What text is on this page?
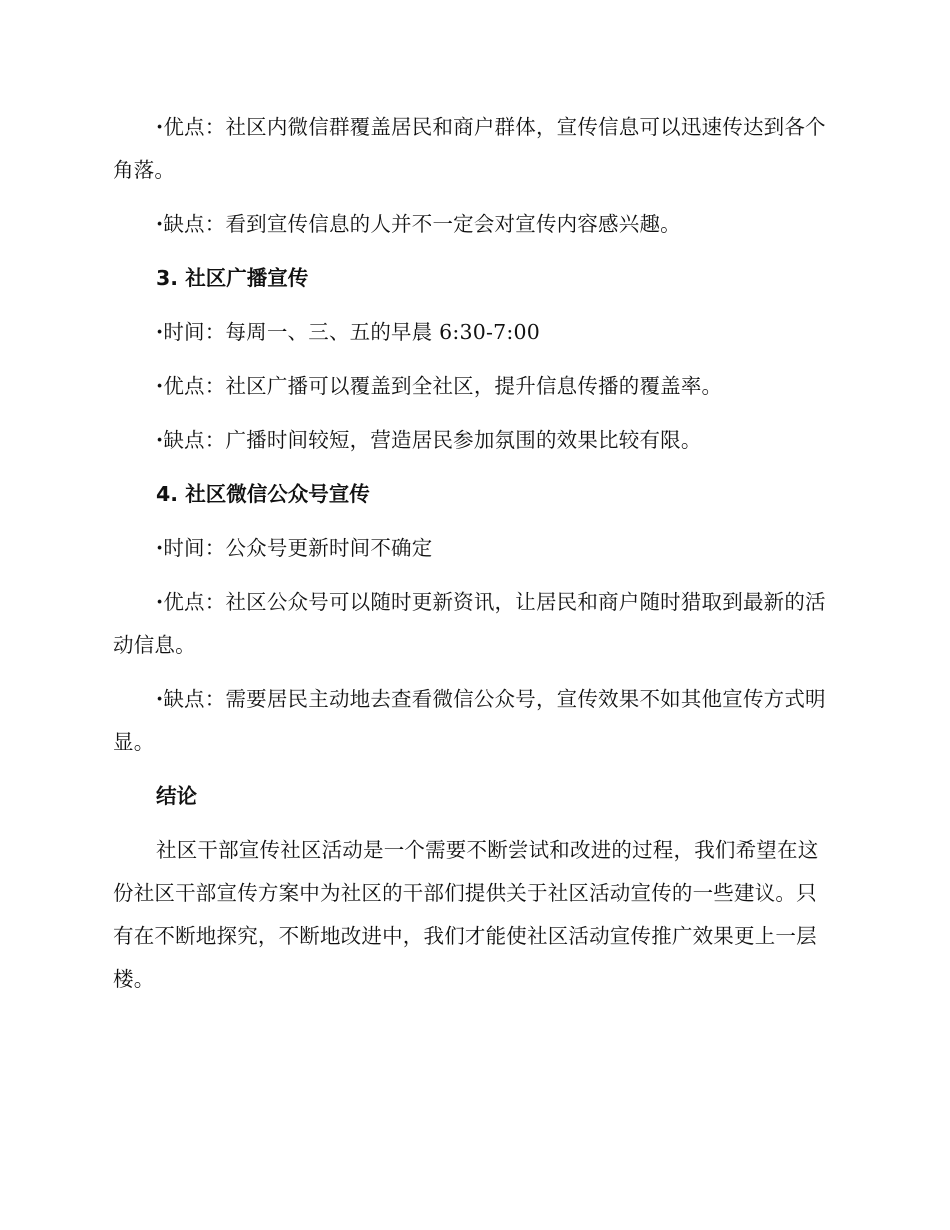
·优点：社区内微信群覆盖居民和商户群体，宣传信息可以迅速传达到各个角落。

·缺点：看到宣传信息的人并不一定会对宣传内容感兴趣。

3. 社区广播宣传

·时间：每周一、三、五的早晨 6:30-7:00

·优点：社区广播可以覆盖到全社区，提升信息传播的覆盖率。

·缺点：广播时间较短，营造居民参加氛围的效果比较有限。

4. 社区微信公众号宣传

·时间：公众号更新时间不确定

·优点：社区公众号可以随时更新资讯，让居民和商户随时猎取到最新的活动信息。

·缺点：需要居民主动地去查看微信公众号，宣传效果不如其他宣传方式明显。

结论

社区干部宣传社区活动是一个需要不断尝试和改进的过程，我们希望在这份社区干部宣传方案中为社区的干部们提供关于社区活动宣传的一些建议。只有在不断地探究，不断地改进中，我们才能使社区活动宣传推广效果更上一层楼。
